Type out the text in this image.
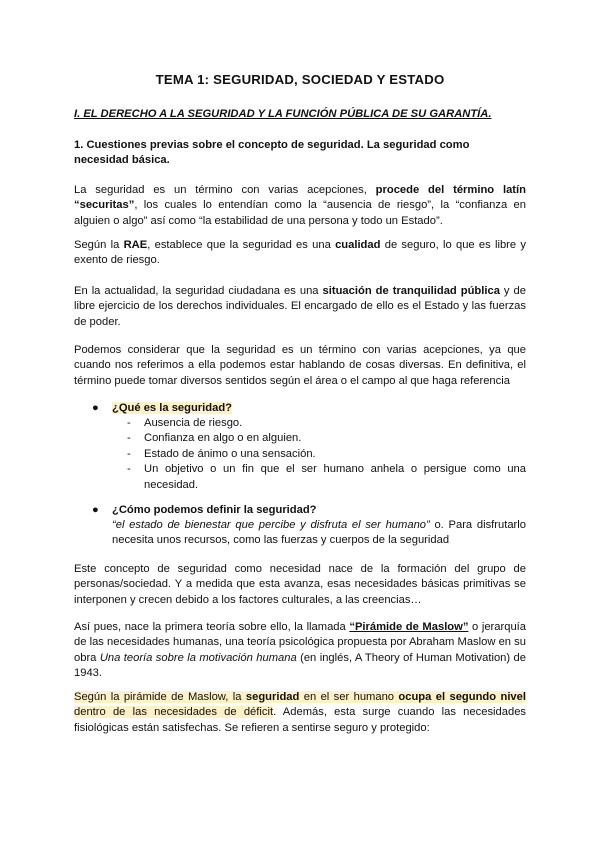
TEMA 1: SEGURIDAD, SOCIEDAD Y ESTADO
I. EL DERECHO A LA SEGURIDAD Y LA FUNCIÓN PÚBLICA DE SU GARANTÍA.
1. Cuestiones previas sobre el concepto de seguridad. La seguridad como necesidad básica.

La seguridad es un término con varias acepciones, procede del término latín “securitas”, los cuales lo entendían como la “ausencia de riesgo”, la “confianza en alguien o algo” así como “la estabilidad de una persona y todo un Estado”.

Según la RAE, establece que la seguridad es una cualidad de seguro, lo que es libre y exento de riesgo.

En la actualidad, la seguridad ciudadana es una situación de tranquilidad pública y de libre ejercicio de los derechos individuales. El encargado de ello es el Estado y las fuerzas de poder.

Podemos considerar que la seguridad es un término con varias acepciones, ya que cuando nos referimos a ella podemos estar hablando de cosas diversas. En definitiva, el término puede tomar diversos sentidos según el área o el campo al que haga referencia

● ¿Qué es la seguridad?
- Ausencia de riesgo.
- Confianza en algo o en alguien.
- Estado de ánimo o una sensación.
- Un objetivo o un fin que el ser humano anhela o persigue como una necesidad.
● ¿Cómo podemos definir la seguridad?

“el estado de bienestar que percibe y disfruta el ser humano” o. Para disfrutarlo necesita unos recursos, como las fuerzas y cuerpos de la seguridad

Este concepto de seguridad como necesidad nace de la formación del grupo de personas/sociedad. Y a medida que esta avanza, esas necesidades básicas primitivas se interponen y crecen debido a los factores culturales, a las creencias…

Así pues, nace la primera teoría sobre ello, la llamada “Pirámide de Maslow” o jerarquía de las necesidades humanas, una teoría psicológica propuesta por Abraham Maslow en su obra Una teoría sobre la motivación humana (en inglés, A Theory of Human Motivation) de 1943.

Según la pirámide de Maslow, la seguridad en el ser humano ocupa el segundo nivel dentro de las necesidades de déficit. Además, esta surge cuando las necesidades fisiológicas están satisfechas. Se refieren a sentirse seguro y protegido:
